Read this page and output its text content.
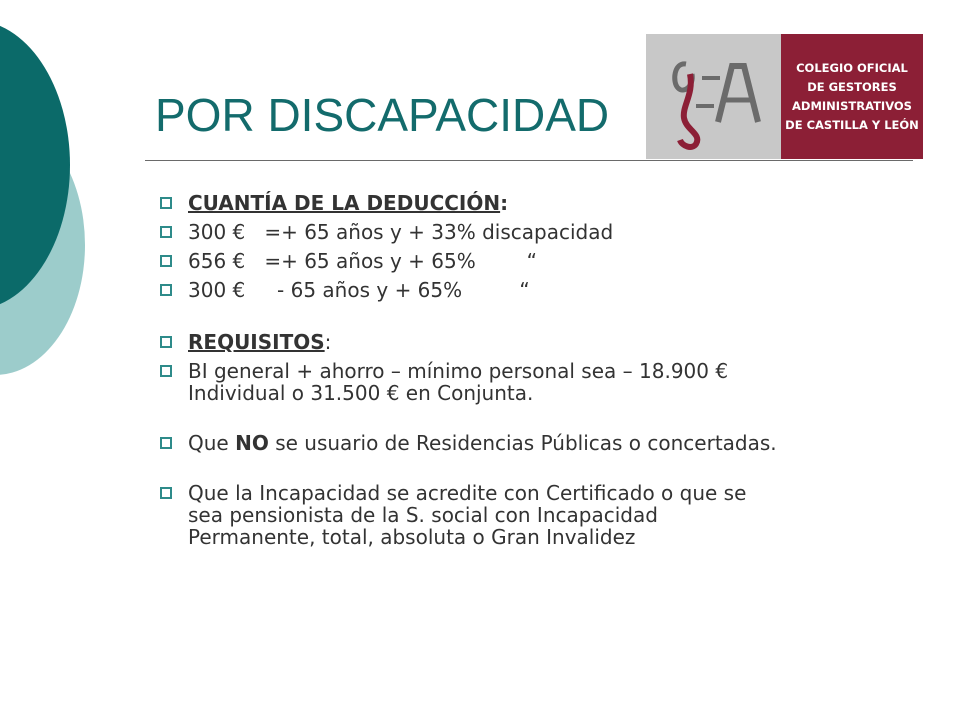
POR DISCAPACIDAD
COLEGIO OFICIAL
DE GESTORES
ADMINISTRATIVOS
DE CASTILLA Y LEÓN
CUANTÍA DE LA DEDUCCIÓN:
300 €   =+ 65 años y + 33% discapacidad
656 €   =+ 65 años y + 65%        “
300 €     - 65 años y + 65%         “
REQUISITOS:
BI general + ahorro – mínimo personal sea – 18.900 €
Individual o 31.500 € en Conjunta.
Que NO se usuario de Residencias Públicas o concertadas.
Que la Incapacidad se acredite con Certificado o que se
sea pensionista de la S. social con Incapacidad
Permanente, total, absoluta o Gran Invalidez
